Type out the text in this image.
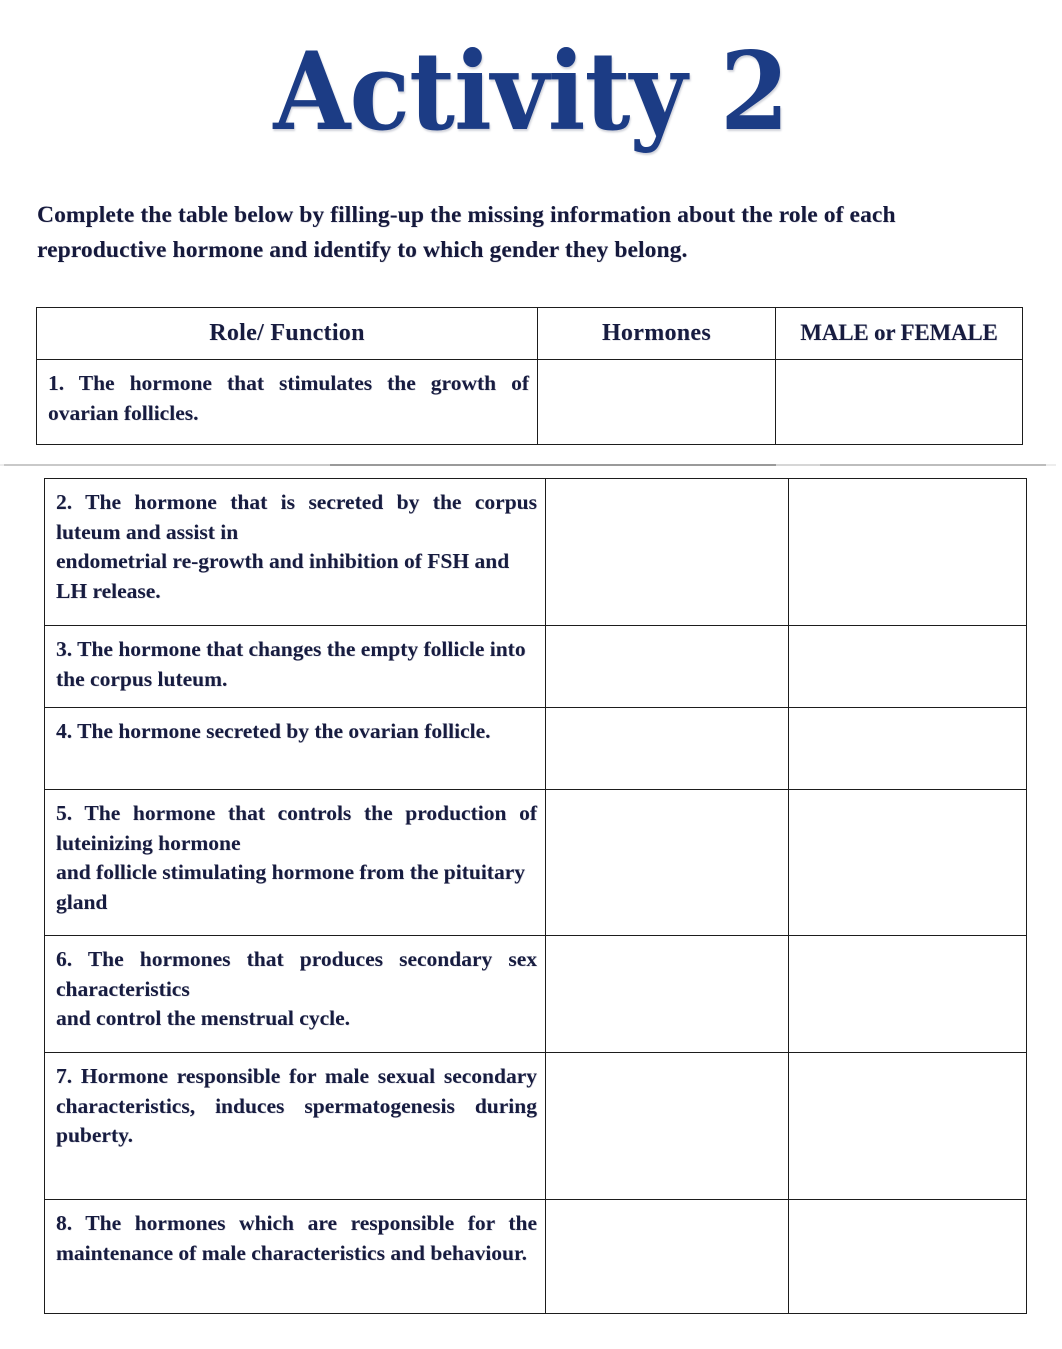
Activity 2
Complete the table below by filling-up the missing information about the role of each reproductive hormone and identify to which gender they belong.
Role/ Function	Hormones	MALE or FEMALE

1. The hormone that stimulates the growth of ovarian follicles.		

2. The hormone that is secreted by the corpus luteum and assist in
endometrial re-growth and inhibition of FSH and LH release.		

3. The hormone that changes the empty follicle into the corpus luteum.		

4. The hormone secreted by the ovarian follicle.		

5. The hormone that controls the production of luteinizing hormone
and follicle stimulating hormone from the pituitary gland		

6. The hormones that produces secondary sex characteristics
and control the menstrual cycle.		

7. Hormone responsible for male sexual secondary characteristics, induces spermatogenesis during puberty.		

8. The hormones which are responsible for the maintenance of male characteristics and behaviour.		
